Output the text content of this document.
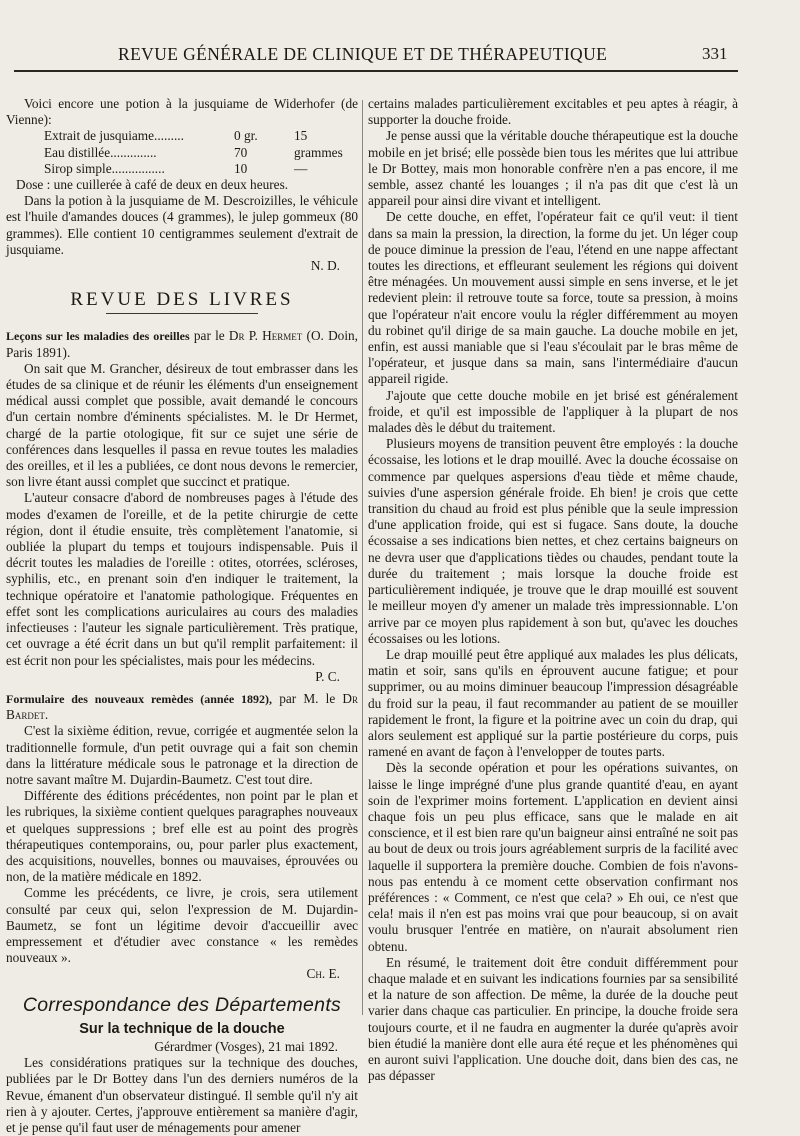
REVUE GÉNÉRALE DE CLINIQUE ET DE THÉRAPEUTIQUE	331

Voici encore une potion à la jusquiame de Widerhofer (de Vienne):

Extrait de jusquiame.........	0 gr.	15
Eau distillée..............	70	grammes
Sirop simple................	10	—

Dose : une cuillerée à café de deux en deux heures.

Dans la potion à la jusquiame de M. Descroizilles, le véhicule est l'huile d'amandes douces (4 grammes), le julep gommeux (80 grammes). Elle contient 10 centigrammes seulement d'extrait de jusquiame.

N. D.

REVUE DES LIVRES

Leçons sur les maladies des oreilles par le Dr P. Hermet (O. Doin, Paris 1891).

On sait que M. Grancher, désireux de tout embrasser dans les études de sa clinique et de réunir les éléments d'un enseignement médical aussi complet que possible, avait demandé le concours d'un certain nombre d'éminents spécialistes. M. le Dr Hermet, chargé de la partie otologique, fit sur ce sujet une série de conférences dans lesquelles il passa en revue toutes les maladies des oreilles, et il les a publiées, ce dont nous devons le remercier, son livre étant aussi complet que succinct et pratique.

L'auteur consacre d'abord de nombreuses pages à l'étude des modes d'examen de l'oreille, et de la petite chirurgie de cette région, dont il étudie ensuite, très complètement l'anatomie, si oubliée la plupart du temps et toujours indispensable. Puis il décrit toutes les maladies de l'oreille : otites, otorrées, scléroses, syphilis, etc., en prenant soin d'en indiquer le traitement, la technique opératoire et l'anatomie pathologique. Fréquentes en effet sont les complications auriculaires au cours des maladies infectieuses : l'auteur les signale particulièrement. Très pratique, cet ouvrage a été écrit dans un but qu'il remplit parfaitement: il est écrit non pour les spécialistes, mais pour les médecins.

P. C.

Formulaire des nouveaux remèdes (année 1892), par M. le Dr Bardet.

C'est la sixième édition, revue, corrigée et augmentée selon la traditionnelle formule, d'un petit ouvrage qui a fait son chemin dans la littérature médicale sous le patronage et la direction de notre savant maître M. Dujardin-Baumetz. C'est tout dire.

Différente des éditions précédentes, non point par le plan et les rubriques, la sixième contient quelques paragraphes nouveaux et quelques suppressions ; bref elle est au point des progrès thérapeutiques contemporains, ou, pour parler plus exactement, des acquisitions, nouvelles, bonnes ou mauvaises, éprouvées ou non, de la matière médicale en 1892.

Comme les précédents, ce livre, je crois, sera utilement consulté par ceux qui, selon l'expression de M. Dujardin-Baumetz, se font un légitime devoir d'accueillir avec empressement et d'étudier avec constance « les remèdes nouveaux ».

Ch. E.

Correspondance des Départements
Sur la technique de la douche

Gérardmer (Vosges), 21 mai 1892.

Les considérations pratiques sur la technique des douches, publiées par le Dr Bottey dans l'un des derniers numéros de la Revue, émanent d'un observateur distingué. Il semble qu'il n'y ait rien à y ajouter. Certes, j'approuve entièrement sa manière d'agir, et je pense qu'il faut user de ménagements pour amener

certains malades particulièrement excitables et peu aptes à réagir, à supporter la douche froide.

Je pense aussi que la véritable douche thérapeutique est la douche mobile en jet brisé; elle possède bien tous les mérites que lui attribue le Dr Bottey, mais mon honorable confrère n'en a pas encore, il me semble, assez chanté les louanges ; il n'a pas dit que c'est là un appareil pour ainsi dire vivant et intelligent.

De cette douche, en effet, l'opérateur fait ce qu'il veut: il tient dans sa main la pression, la direction, la forme du jet. Un léger coup de pouce diminue la pression de l'eau, l'étend en une nappe affectant toutes les directions, et effleurant seulement les régions qui doivent être ménagées. Un mouvement aussi simple en sens inverse, et le jet redevient plein: il retrouve toute sa force, toute sa pression, à moins que l'opérateur n'ait encore voulu la régler différemment au moyen du robinet qu'il dirige de sa main gauche. La douche mobile en jet, enfin, est aussi maniable que si l'eau s'écoulait par le bras même de l'opérateur, et jusque dans sa main, sans l'intermédiaire d'aucun appareil rigide.

J'ajoute que cette douche mobile en jet brisé est généralement froide, et qu'il est impossible de l'appliquer à la plupart de nos malades dès le début du traitement.

Plusieurs moyens de transition peuvent être employés : la douche écossaise, les lotions et le drap mouillé. Avec la douche écossaise on commence par quelques aspersions d'eau tiède et même chaude, suivies d'une aspersion générale froide. Eh bien! je crois que cette transition du chaud au froid est plus pénible que la seule impression d'une application froide, qui est si fugace. Sans doute, la douche écossaise a ses indications bien nettes, et chez certains baigneurs on ne devra user que d'applications tièdes ou chaudes, pendant toute la durée du traitement ; mais lorsque la douche froide est particulièrement indiquée, je trouve que le drap mouillé est souvent le meilleur moyen d'y amener un malade très impressionnable. L'on arrive par ce moyen plus rapidement à son but, qu'avec les douches écossaises ou les lotions.

Le drap mouillé peut être appliqué aux malades les plus délicats, matin et soir, sans qu'ils en éprouvent aucune fatigue; et pour supprimer, ou au moins diminuer beaucoup l'impression désagréable du froid sur la peau, il faut recommander au patient de se mouiller rapidement le front, la figure et la poitrine avec un coin du drap, qui alors seulement est appliqué sur la partie postérieure du corps, puis ramené en avant de façon à l'envelopper de toutes parts.

Dès la seconde opération et pour les opérations suivantes, on laisse le linge imprégné d'une plus grande quantité d'eau, en ayant soin de l'exprimer moins fortement. L'application en devient ainsi chaque fois un peu plus efficace, sans que le malade en ait conscience, et il est bien rare qu'un baigneur ainsi entraîné ne soit pas au bout de deux ou trois jours agréablement surpris de la facilité avec laquelle il supportera la première douche. Combien de fois n'avons-nous pas entendu à ce moment cette observation confirmant nos préférences : « Comment, ce n'est que cela? » Eh oui, ce n'est que cela! mais il n'en est pas moins vrai que pour beaucoup, si on avait voulu brusquer l'entrée en matière, on n'aurait absolument rien obtenu.

En résumé, le traitement doit être conduit différemment pour chaque malade et en suivant les indications fournies par sa sensibilité et la nature de son affection. De même, la durée de la douche peut varier dans chaque cas particulier. En principe, la douche froide sera toujours courte, et il ne faudra en augmenter la durée qu'après avoir bien étudié la manière dont elle aura été reçue et les phénomènes qui en auront suivi l'application. Une douche doit, dans bien des cas, ne pas dépasser
